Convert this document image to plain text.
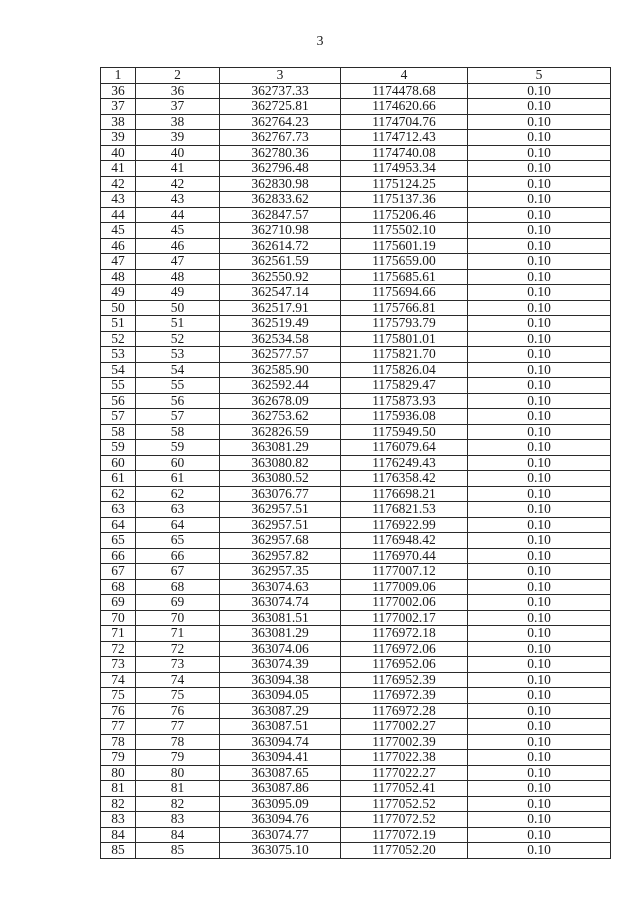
3
1	2	3	4	5
36	36	362737.33	1174478.68	0.10
37	37	362725.81	1174620.66	0.10
38	38	362764.23	1174704.76	0.10
39	39	362767.73	1174712.43	0.10
40	40	362780.36	1174740.08	0.10
41	41	362796.48	1174953.34	0.10
42	42	362830.98	1175124.25	0.10
43	43	362833.62	1175137.36	0.10
44	44	362847.57	1175206.46	0.10
45	45	362710.98	1175502.10	0.10
46	46	362614.72	1175601.19	0.10
47	47	362561.59	1175659.00	0.10
48	48	362550.92	1175685.61	0.10
49	49	362547.14	1175694.66	0.10
50	50	362517.91	1175766.81	0.10
51	51	362519.49	1175793.79	0.10
52	52	362534.58	1175801.01	0.10
53	53	362577.57	1175821.70	0.10
54	54	362585.90	1175826.04	0.10
55	55	362592.44	1175829.47	0.10
56	56	362678.09	1175873.93	0.10
57	57	362753.62	1175936.08	0.10
58	58	362826.59	1175949.50	0.10
59	59	363081.29	1176079.64	0.10
60	60	363080.82	1176249.43	0.10
61	61	363080.52	1176358.42	0.10
62	62	363076.77	1176698.21	0.10
63	63	362957.51	1176821.53	0.10
64	64	362957.51	1176922.99	0.10
65	65	362957.68	1176948.42	0.10
66	66	362957.82	1176970.44	0.10
67	67	362957.35	1177007.12	0.10
68	68	363074.63	1177009.06	0.10
69	69	363074.74	1177002.06	0.10
70	70	363081.51	1177002.17	0.10
71	71	363081.29	1176972.18	0.10
72	72	363074.06	1176972.06	0.10
73	73	363074.39	1176952.06	0.10
74	74	363094.38	1176952.39	0.10
75	75	363094.05	1176972.39	0.10
76	76	363087.29	1176972.28	0.10
77	77	363087.51	1177002.27	0.10
78	78	363094.74	1177002.39	0.10
79	79	363094.41	1177022.38	0.10
80	80	363087.65	1177022.27	0.10
81	81	363087.86	1177052.41	0.10
82	82	363095.09	1177052.52	0.10
83	83	363094.76	1177072.52	0.10
84	84	363074.77	1177072.19	0.10
85	85	363075.10	1177052.20	0.10
